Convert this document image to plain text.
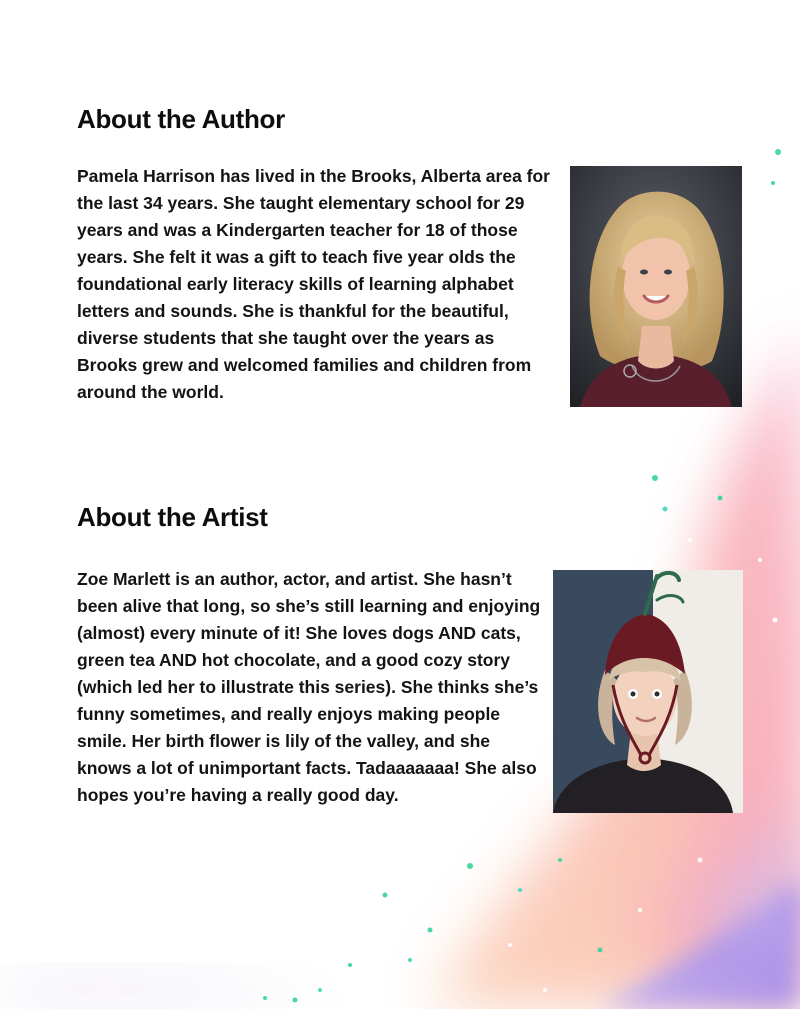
About the Author

Pamela Harrison has lived in the Brooks, Alberta area for the last 34 years. She taught elementary school for 29 years and was a Kindergarten teacher for 18 of those years. She felt it was a gift to teach five year olds the foundational early literacy skills of learning alphabet letters and sounds. She is thankful for the beautiful, diverse students that she taught over the years as Brooks grew and welcomed families and children from around the world.

About the Artist

Zoe Marlett is an author, actor, and artist. She hasn’t been alive that long, so she’s still learning and enjoying (almost) every minute of it! She loves dogs AND cats, green tea AND hot chocolate, and a good cozy story (which led her to illustrate this series). She thinks she’s funny sometimes, and really enjoys making people smile. Her birth flower is lily of the valley, and she knows a lot of unimportant facts. Tadaaaaaaa! She also hopes you’re having a really good day.
